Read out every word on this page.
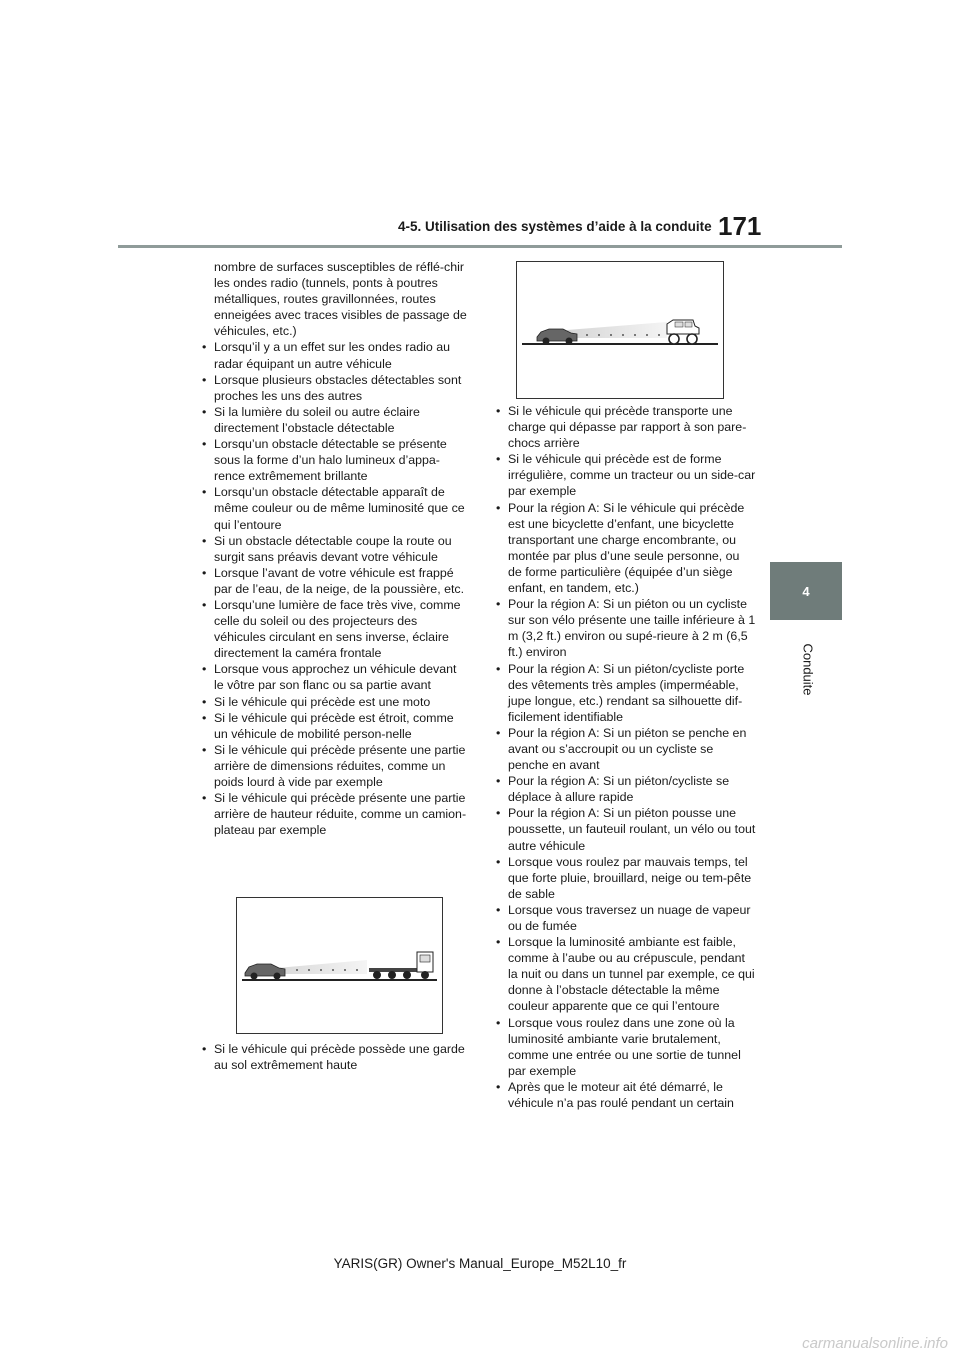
4-5. Utilisation des systèmes d’aide à la conduite 171
4
Conduite
nombre de surfaces susceptibles de réflé-chir les ondes radio (tunnels, ponts à poutres métalliques, routes gravillonnées, routes enneigées avec traces visibles de passage de véhicules, etc.)
• Lorsqu’il y a un effet sur les ondes radio au radar équipant un autre véhicule
• Lorsque plusieurs obstacles détectables sont proches les uns des autres
• Si la lumière du soleil ou autre éclaire directement l’obstacle détectable
• Lorsqu’un obstacle détectable se présente sous la forme d’un halo lumineux d’appa-rence extrêmement brillante
• Lorsqu’un obstacle détectable apparaît de même couleur ou de même luminosité que ce qui l’entoure
• Si un obstacle détectable coupe la route ou surgit sans préavis devant votre véhicule
• Lorsque l’avant de votre véhicule est frappé par de l’eau, de la neige, de la poussière, etc.
• Lorsqu’une lumière de face très vive, comme celle du soleil ou des projecteurs des véhicules circulant en sens inverse, éclaire directement la caméra frontale
• Lorsque vous approchez un véhicule devant le vôtre par son flanc ou sa partie avant
• Si le véhicule qui précède est une moto
• Si le véhicule qui précède est étroit, comme un véhicule de mobilité person-nelle
• Si le véhicule qui précède présente une partie arrière de dimensions réduites, comme un poids lourd à vide par exemple
• Si le véhicule qui précède présente une partie arrière de hauteur réduite, comme un camion-plateau par exemple
• Si le véhicule qui précède possède une garde au sol extrêmement haute
• Si le véhicule qui précède transporte une charge qui dépasse par rapport à son pare-chocs arrière
• Si le véhicule qui précède est de forme irrégulière, comme un tracteur ou un side-car par exemple
• Pour la région A: Si le véhicule qui précède est une bicyclette d’enfant, une bicyclette transportant une charge encombrante, ou montée par plus d’une seule personne, ou de forme particulière (équipée d’un siège enfant, en tandem, etc.)
• Pour la région A: Si un piéton ou un cycliste sur son vélo présente une taille inférieure à 1 m (3,2 ft.) environ ou supé-rieure à 2 m (6,5 ft.) environ
• Pour la région A: Si un piéton/cycliste porte des vêtements très amples (imperméable, jupe longue, etc.) rendant sa silhouette dif-ficilement identifiable
• Pour la région A: Si un piéton se penche en avant ou s’accroupit ou un cycliste se penche en avant
• Pour la région A: Si un piéton/cycliste se déplace à allure rapide
• Pour la région A: Si un piéton pousse une poussette, un fauteuil roulant, un vélo ou tout autre véhicule
• Lorsque vous roulez par mauvais temps, tel que forte pluie, brouillard, neige ou tem-pête de sable
• Lorsque vous traversez un nuage de vapeur ou de fumée
• Lorsque la luminosité ambiante est faible, comme à l’aube ou au crépuscule, pendant la nuit ou dans un tunnel par exemple, ce qui donne à l’obstacle détectable la même couleur apparente que ce qui l’entoure
• Lorsque vous roulez dans une zone où la luminosité ambiante varie brutalement, comme une entrée ou une sortie de tunnel par exemple
• Après que le moteur ait été démarré, le véhicule n’a pas roulé pendant un certain
YARIS(GR) Owner's Manual_Europe_M52L10_fr
carmanualsonline.info
